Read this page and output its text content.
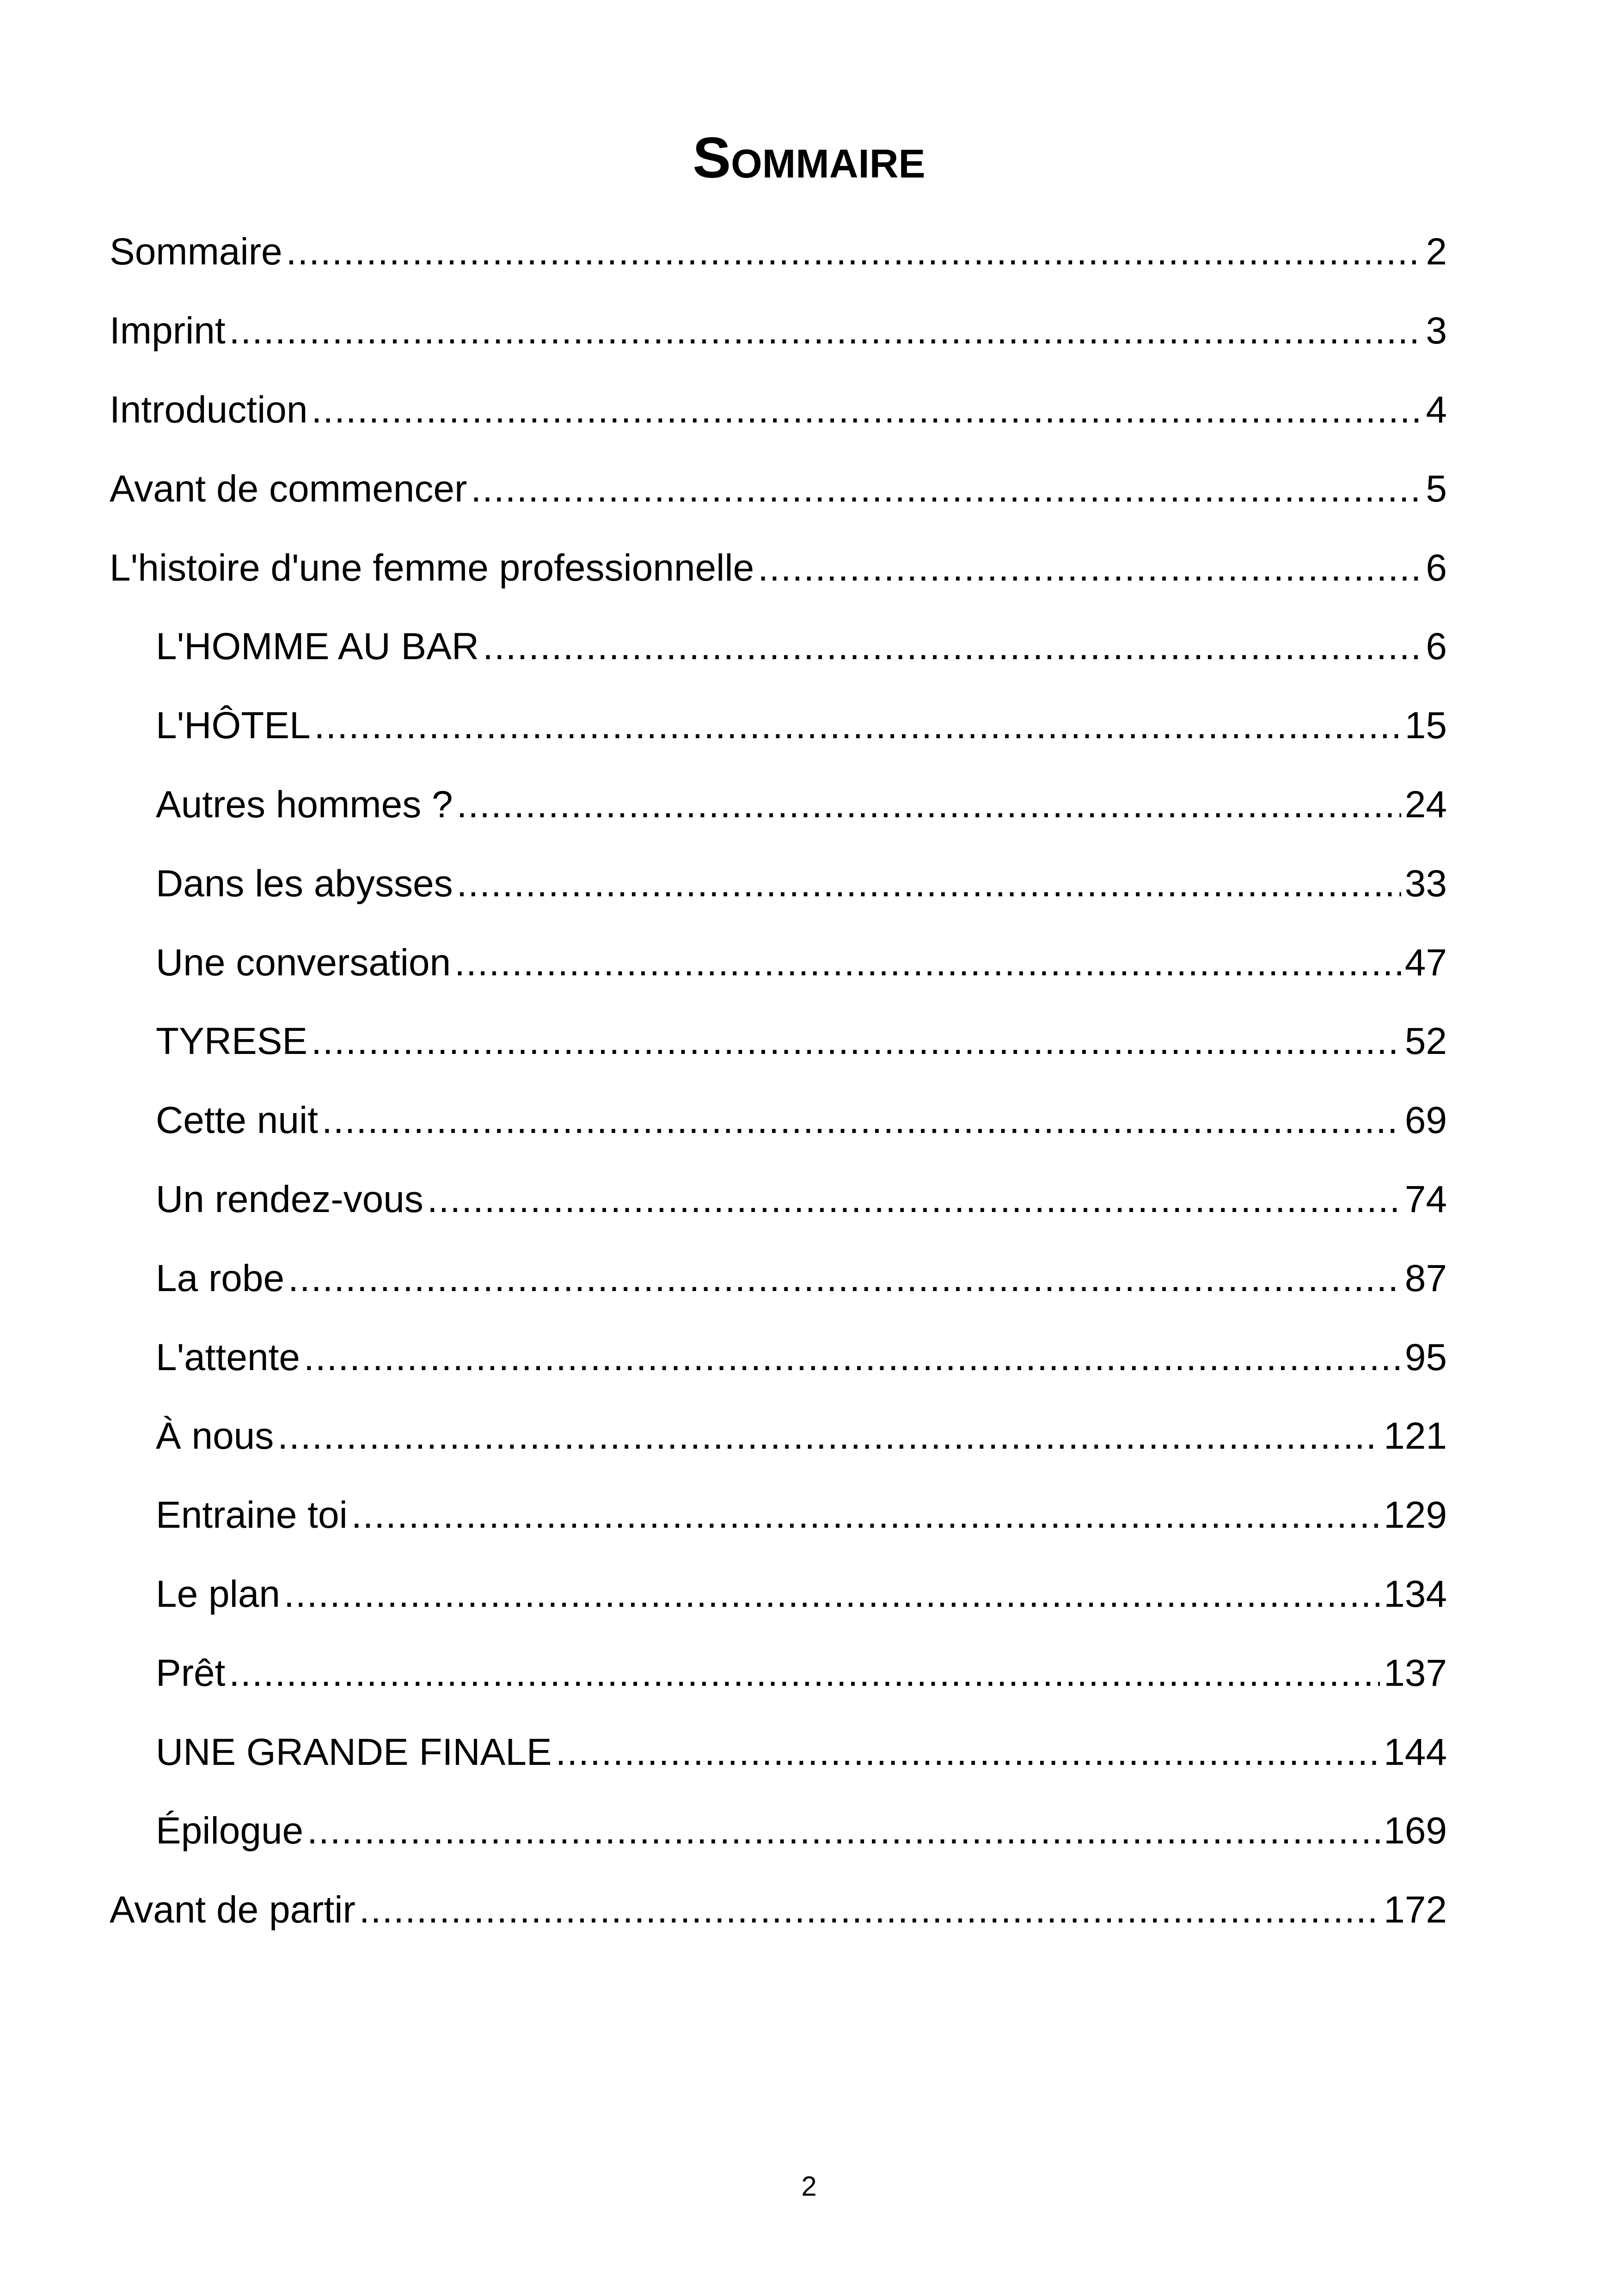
Sommaire
Sommaire .....	2
Imprint .....	3
Introduction .....	4
Avant de commencer .....	5
L'histoire d'une femme professionnelle .....	6
L'HOMME AU BAR .....	6
L'HÔTEL .....	15
Autres hommes ? .....	24
Dans les abysses .....	33
Une conversation .....	47
TYRESE .....	52
Cette nuit .....	69
Un rendez-vous .....	74
La robe .....	87
L'attente .....	95
À nous .....	121
Entraine toi .....	129
Le plan .....	134
Prêt .....	137
UNE GRANDE FINALE .....	144
Épilogue .....	169
Avant de partir .....	172
2
